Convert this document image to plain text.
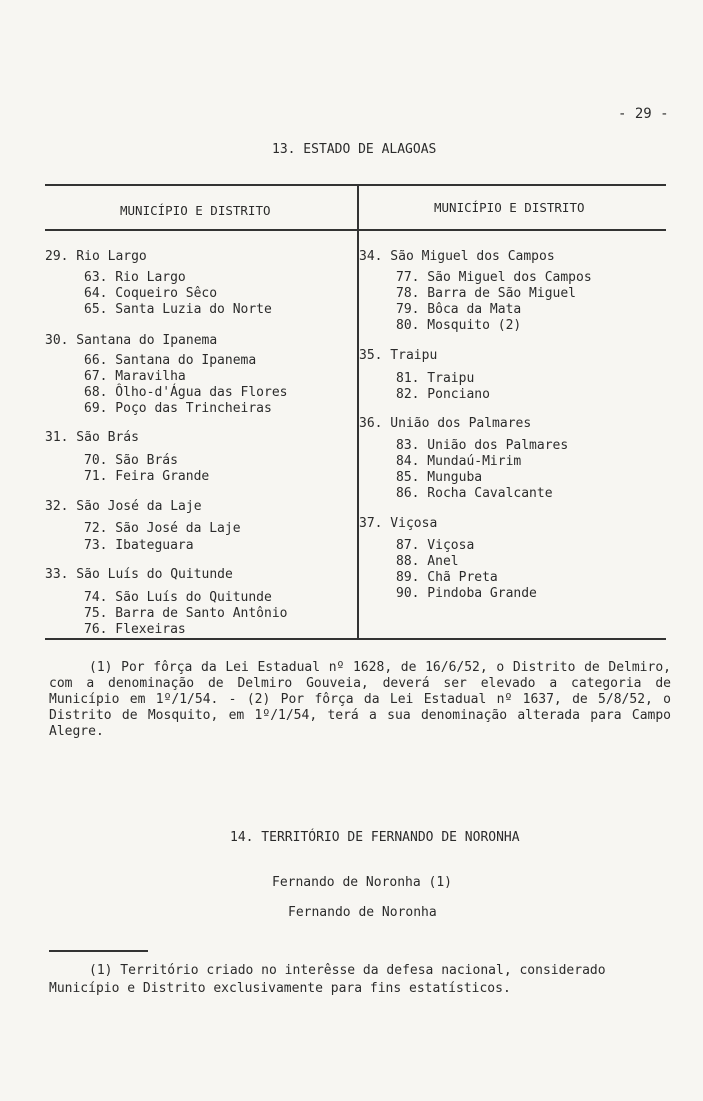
- 29 -
13. ESTADO DE ALAGOAS
MUNICÍPIO E DISTRITO	MUNICÍPIO E DISTRITO
29. Rio Largo
63. Rio Largo
64. Coqueiro Sêco
65. Santa Luzia do Norte
30. Santana do Ipanema
66. Santana do Ipanema
67. Maravilha
68. Ôlho-d'Água das Flores
69. Poço das Trincheiras
31. São Brás
70. São Brás
71. Feira Grande
32. São José da Laje
72. São José da Laje
73. Ibateguara
33. São Luís do Quitunde
74. São Luís do Quitunde
75. Barra de Santo Antônio
76. Flexeiras
34. São Miguel dos Campos
77. São Miguel dos Campos
78. Barra de São Miguel
79. Bôca da Mata
80. Mosquito (2)
35. Traipu
81. Traipu
82. Ponciano
36. União dos Palmares
83. União dos Palmares
84. Mundaú-Mirim
85. Munguba
86. Rocha Cavalcante
37. Viçosa
87. Viçosa
88. Anel
89. Chã Preta
90. Pindoba Grande
(1) Por fôrça da Lei Estadual nº 1628, de 16/6/52, o Distrito de Delmiro, com a denominação de Delmiro Gouveia, deverá ser elevado a categoria de Município em 1º/1/54. - (2) Por fôrça da Lei Estadual nº 1637, de 5/8/52, o Distrito de Mosquito, em 1º/1/54, terá a sua denominação alterada para Campo Alegre.
14. TERRITÓRIO DE FERNANDO DE NORONHA
Fernando de Noronha (1)
Fernando de Noronha
(1) Território criado no interêsse da defesa nacional, considerado Município e Distrito exclusivamente para fins estatísticos.
